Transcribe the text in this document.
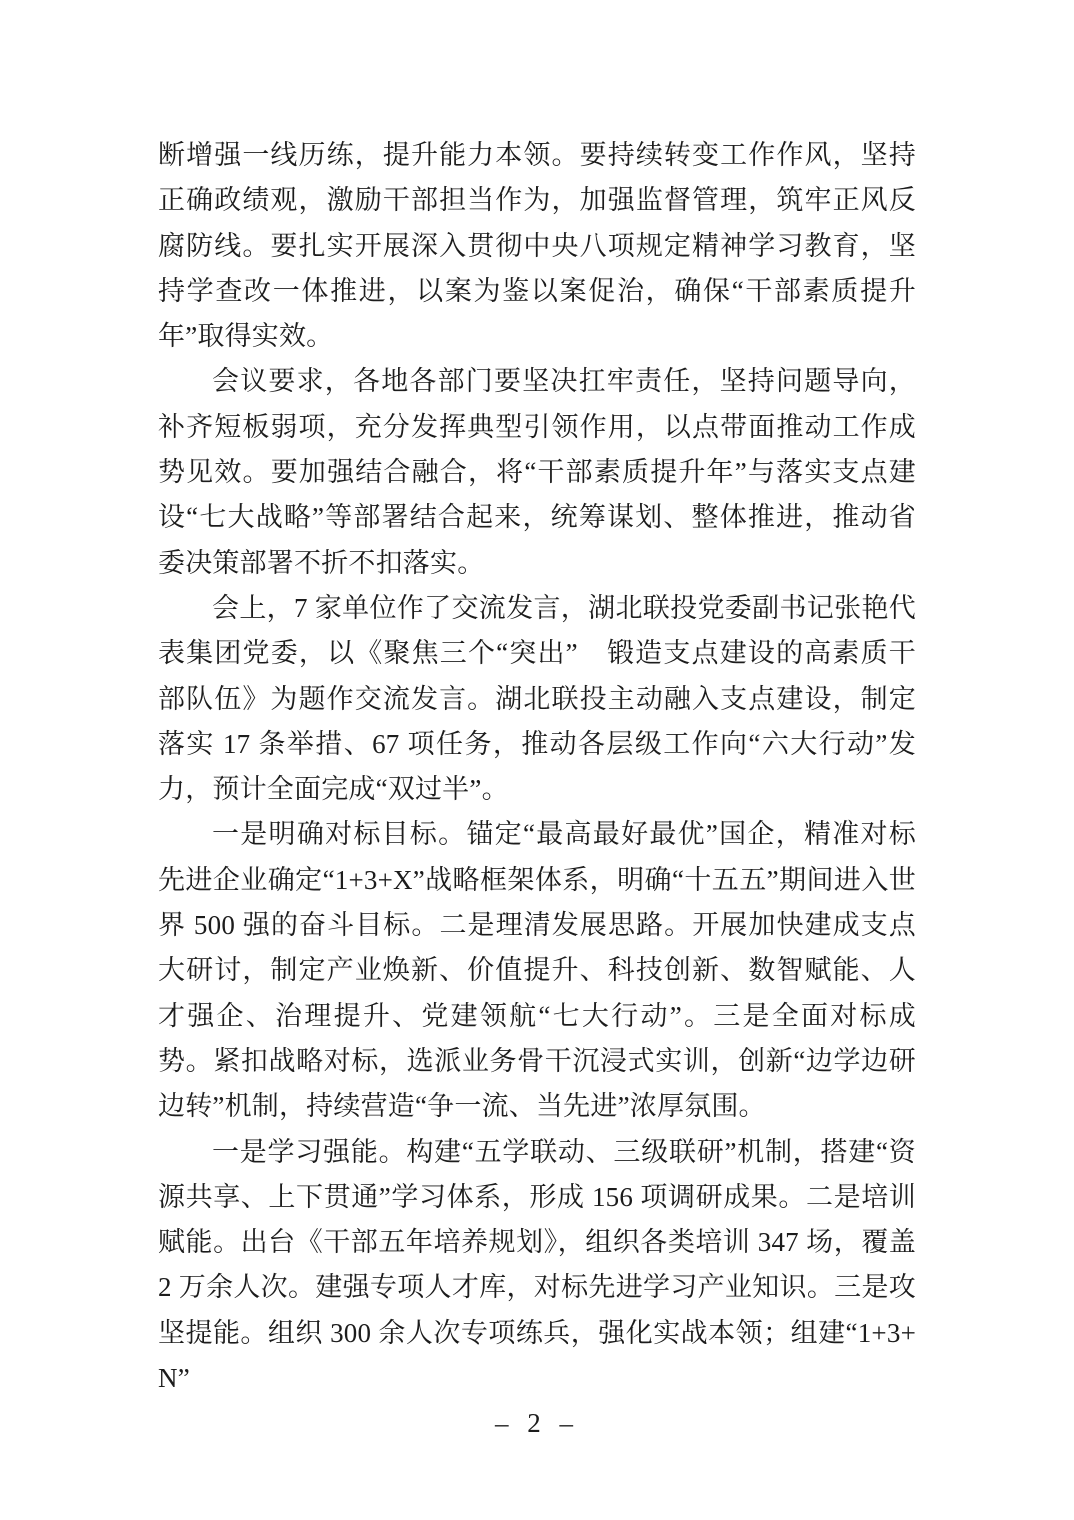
断增强一线历练，提升能力本领。要持续转变工作作风，坚持正确政绩观，激励干部担当作为，加强监督管理，筑牢正风反腐防线。要扎实开展深入贯彻中央八项规定精神学习教育，坚持学查改一体推进，以案为鉴以案促治，确保“干部素质提升年”取得实效。

会议要求，各地各部门要坚决扛牢责任，坚持问题导向，补齐短板弱项，充分发挥典型引领作用，以点带面推动工作成势见效。要加强结合融合，将“干部素质提升年”与落实支点建设“七大战略”等部署结合起来，统筹谋划、整体推进，推动省委决策部署不折不扣落实。

会上，7 家单位作了交流发言，湖北联投党委副书记张艳代表集团党委，以《聚焦三个“突出”　锻造支点建设的高素质干部队伍》为题作交流发言。湖北联投主动融入支点建设，制定落实 17 条举措、67 项任务，推动各层级工作向“六大行动”发力，预计全面完成“双过半”。

一是明确对标目标。锚定“最高最好最优”国企，精准对标先进企业确定“1+3+X”战略框架体系，明确“十五五”期间进入世界 500 强的奋斗目标。二是理清发展思路。开展加快建成支点大研讨，制定产业焕新、价值提升、科技创新、数智赋能、人才强企、治理提升、党建领航“七大行动”。三是全面对标成势。紧扣战略对标，选派业务骨干沉浸式实训，创新“边学边研边转”机制，持续营造“争一流、当先进”浓厚氛围。

一是学习强能。构建“五学联动、三级联研”机制，搭建“资源共享、上下贯通”学习体系，形成 156 项调研成果。二是培训赋能。出台《干部五年培养规划》，组织各类培训 347 场，覆盖 2 万余人次。建强专项人才库，对标先进学习产业知识。三是攻坚提能。组织 300 余人次专项练兵，强化实战本领；组建“1+3+N”

– 2 –
